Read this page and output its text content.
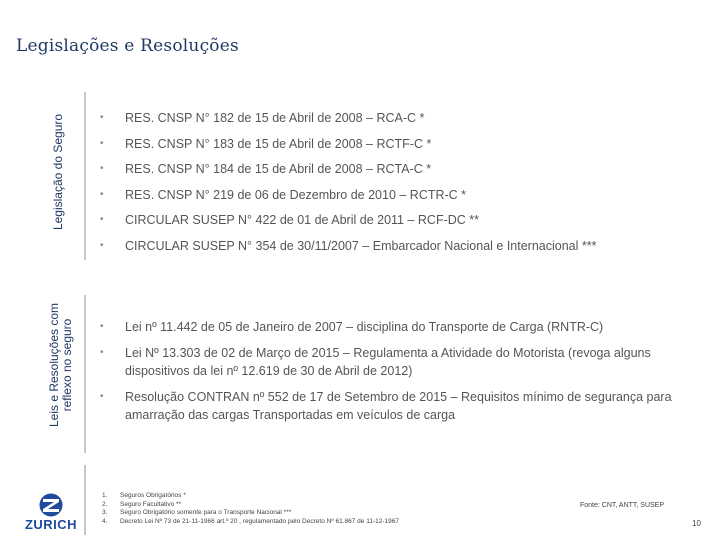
Legislações e Resoluções
Legislação do Seguro
Leis e Resoluções com reflexo no seguro
•	RES. CNSP N° 182 de 15 de Abril de 2008 – RCA-C *
•	RES. CNSP N° 183 de 15 de Abril de 2008 – RCTF-C *
•	RES. CNSP N° 184 de 15 de Abril de 2008 – RCTA-C *
•	RES. CNSP N° 219 de 06 de Dezembro de 2010 – RCTR-C *
•	CIRCULAR SUSEP N° 422 de 01 de Abril de 2011 – RCF-DC **
•	CIRCULAR SUSEP N° 354 de 30/11/2007 – Embarcador Nacional e Internacional ***
•	Lei nº 11.442 de 05 de Janeiro de 2007 – disciplina do Transporte de Carga (RNTR-C)
•	Lei Nº 13.303 de 02 de Março de 2015 – Regulamenta a Atividade do Motorista (revoga alguns dispositivos da lei nº 12.619 de 30 de Abril de 2012)
•	Resolução CONTRAN nº 552 de 17 de Setembro de 2015 – Requisitos mínimo de segurança para amarração das cargas Transportadas em veículos de carga
ZURICH
1.	Seguros Obrigatórios *
2.	Seguro Facultativo **
3.	Seguro Obrigatório somente para o Transporte Nacional ***
4.	Decreto Lei Nº 73 de 21-11-1966 art.º 20 , regulamentado pelo Decreto Nº 61.867 de 11-12-1967
Fonte: CNT, ANTT, SUSEP
10
